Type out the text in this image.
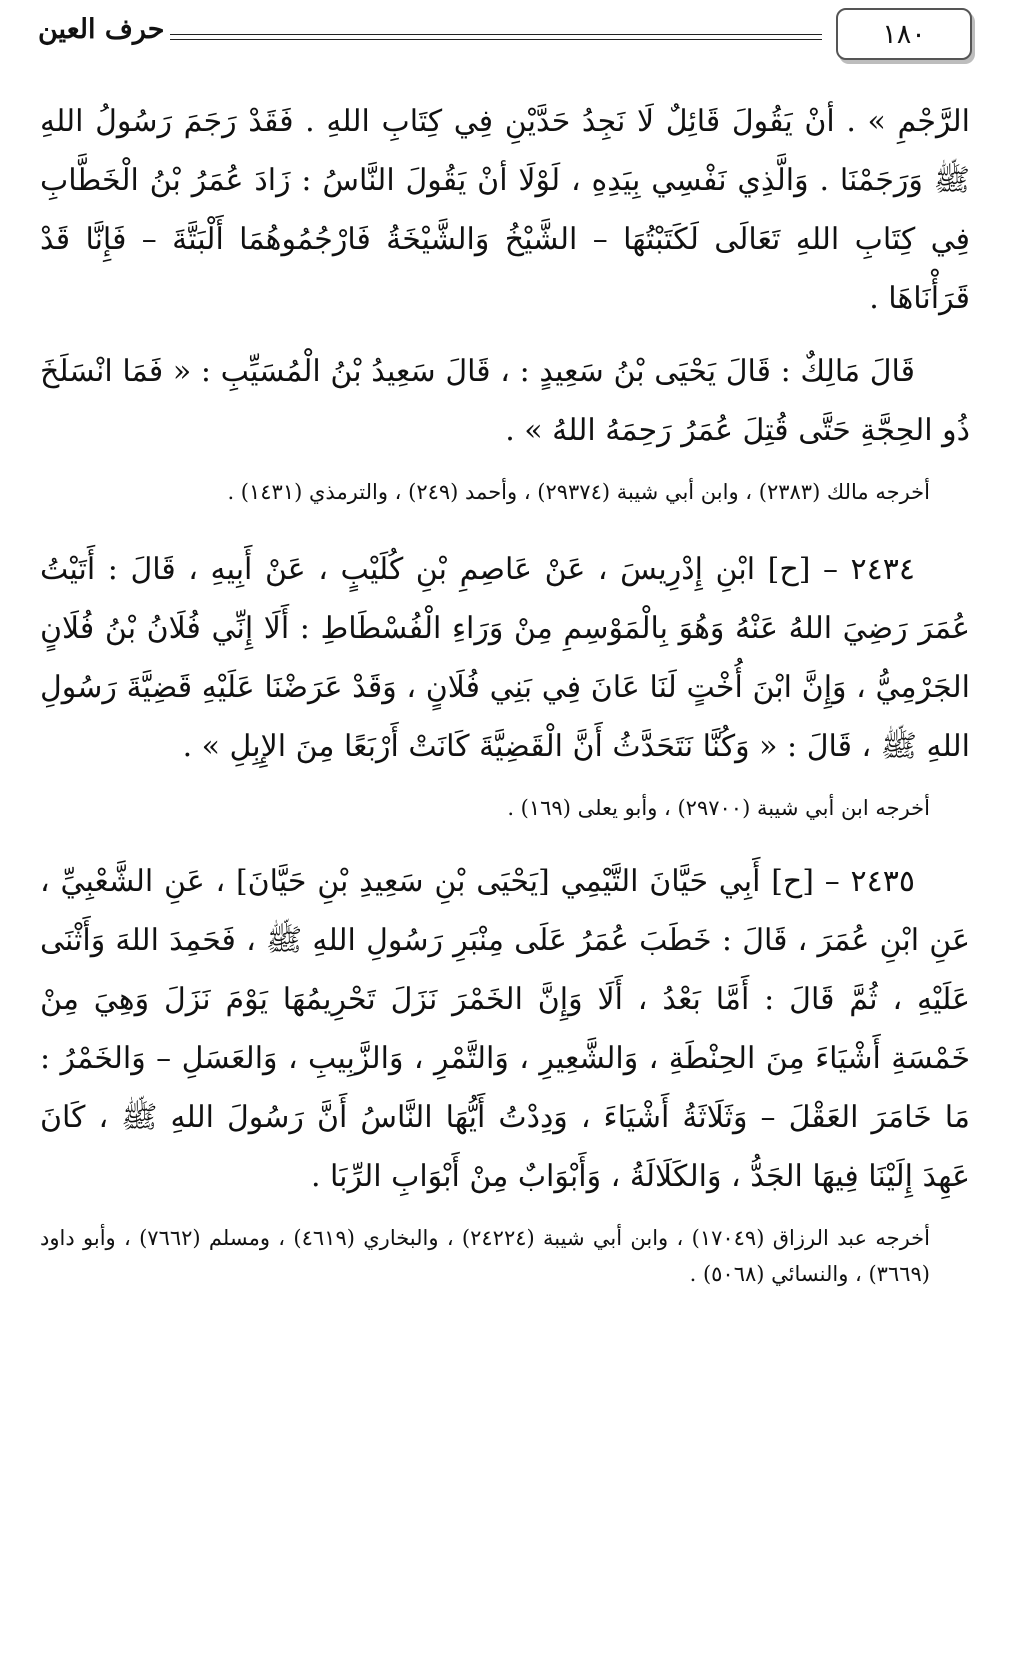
١٨٠
حرف العين

الرَّجْمِ » . أنْ يَقُولَ قَائِلٌ لَا نَجِدُ حَدَّيْنِ فِي كِتَابِ اللهِ . فَقَدْ رَجَمَ رَسُولُ اللهِ ﷺ وَرَجَمْنَا . وَالَّذِي نَفْسِي بِيَدِهِ ، لَوْلَا أنْ يَقُولَ النَّاسُ : زَادَ عُمَرُ بْنُ الْخَطَّابِ فِي كِتَابِ اللهِ تَعَالَى لَكَتَبْتُهَا – الشَّيْخُ وَالشَّيْخَةُ فَارْجُمُوهُمَا أَلْبَتَّةَ – فَإِنَّا قَدْ قَرَأْنَاهَا .

قَالَ مَالِكٌ : قَالَ يَحْيَى بْنُ سَعِيدٍ : ، قَالَ سَعِيدُ بْنُ الْمُسَيِّبِ : « فَمَا انْسَلَخَ ذُو الحِجَّةِ حَتَّى قُتِلَ عُمَرُ رَحِمَهُ اللهُ » .

أخرجه مالك (٢٣٨٣) ، وابن أبي شيبة (٢٩٣٧٤) ، وأحمد (٢٤٩) ، والترمذي (١٤٣١) .

٢٤٣٤ – [ح] ابْنِ إِدْرِيسَ ، عَنْ عَاصِمِ بْنِ كُلَيْبٍ ، عَنْ أَبِيهِ ، قَالَ : أَتَيْتُ عُمَرَ رَضِيَ اللهُ عَنْهُ وَهُوَ بِالْمَوْسِمِ مِنْ وَرَاءِ الْفُسْطَاطِ : أَلَا إِنِّي فُلَانُ بْنُ فُلَانٍ الجَرْمِيُّ ، وَإِنَّ ابْنَ أُخْتٍ لَنَا عَانَ فِي بَنِي فُلَانٍ ، وَقَدْ عَرَضْنَا عَلَيْهِ قَضِيَّةَ رَسُولِ اللهِ ﷺ ، قَالَ : « وَكُنَّا نَتَحَدَّثُ أَنَّ الْقَضِيَّةَ كَانَتْ أَرْبَعًا مِنَ الإِبِلِ » .

أخرجه ابن أبي شيبة (٢٩٧٠٠) ، وأبو يعلى (١٦٩) .

٢٤٣٥ – [ح] أَبِي حَيَّانَ التَّيْمِي [يَحْيَى بْنِ سَعِيدِ بْنِ حَيَّانَ] ، عَنِ الشَّعْبِيِّ ، عَنِ ابْنِ عُمَرَ ، قَالَ : خَطَبَ عُمَرُ عَلَى مِنْبَرِ رَسُولِ اللهِ ﷺ ، فَحَمِدَ اللهَ وَأَثْنَى عَلَيْهِ ، ثُمَّ قَالَ : أَمَّا بَعْدُ ، أَلَا وَإِنَّ الخَمْرَ نَزَلَ تَحْرِيمُهَا يَوْمَ نَزَلَ وَهِيَ مِنْ خَمْسَةِ أَشْيَاءَ مِنَ الحِنْطَةِ ، وَالشَّعِيرِ ، وَالتَّمْرِ ، وَالزَّبِيبِ ، وَالعَسَلِ – وَالخَمْرُ : مَا خَامَرَ العَقْلَ – وَثَلَاثَةُ أَشْيَاءَ ، وَدِدْتُ أَيُّهَا النَّاسُ أَنَّ رَسُولَ اللهِ ﷺ ، كَانَ عَهِدَ إِلَيْنَا فِيهَا الجَدُّ ، وَالكَلَالَةُ ، وَأَبْوَابٌ مِنْ أَبْوَابِ الرِّبَا .

أخرجه عبد الرزاق (١٧٠٤٩) ، وابن أبي شيبة (٢٤٢٢٤) ، والبخاري (٤٦١٩) ، ومسلم (٧٦٦٢) ، وأبو داود (٣٦٦٩) ، والنسائي (٥٠٦٨) .
